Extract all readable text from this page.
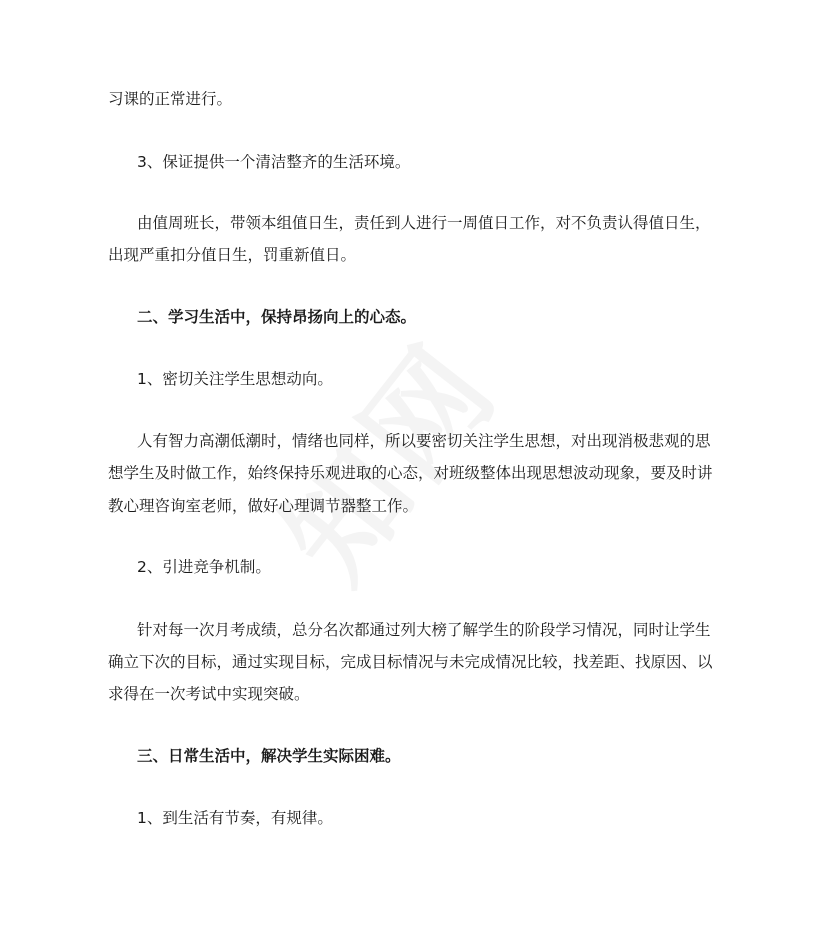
习课的正常进行。
3、保证提供一个清洁整齐的生活环境。
由值周班长，带领本组值日生，责任到人进行一周值日工作，对不负责认得值日生，
出现严重扣分值日生，罚重新值日。
二、学习生活中，保持昂扬向上的心态。
1、密切关注学生思想动向。
人有智力高潮低潮时，情绪也同样，所以要密切关注学生思想，对出现消极悲观的思
想学生及时做工作，始终保持乐观进取的心态，对班级整体出现思想波动现象，要及时讲
教心理咨询室老师，做好心理调节器整工作。
2、引进竞争机制。
针对每一次月考成绩，总分名次都通过列大榜了解学生的阶段学习情况，同时让学生
确立下次的目标，通过实现目标，完成目标情况与未完成情况比较，找差距、找原因、以
求得在一次考试中实现突破。
三、日常生活中，解决学生实际困难。
1、到生活有节奏，有规律。
